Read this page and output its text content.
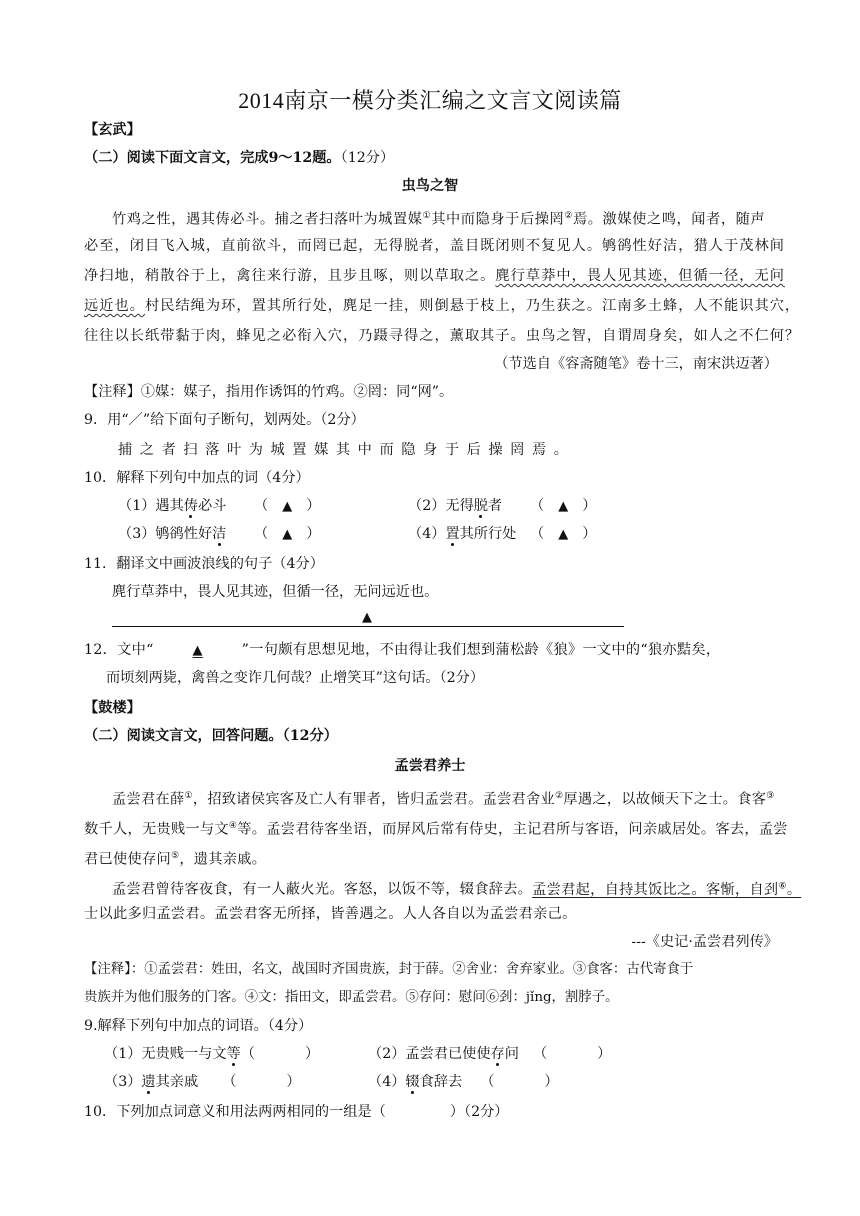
2014南京一模分类汇编之文言文阅读篇
【玄武】
（二）阅读下面文言文，完成9～12题。（12分）
虫鸟之智
竹鸡之性，遇其俦必斗。捕之者扫落叶为城置媒①其中而隐身于后操罔②焉。激媒使之鸣，闻者，随声
必至，闭目飞入城，直前欲斗，而罔已起，无得脱者，盖目既闭则不复见人。鸲鹆性好洁，猎人于茂林间
净扫地，稍散谷于上，禽往来行游，且步且啄，则以草取之。麂行草莽中，畏人见其迹，但循一径，无问
远近也。村民结绳为环，置其所行处，麂足一挂，则倒悬于枝上，乃生获之。江南多土蜂，人不能识其穴，
往往以长纸带黏于肉，蜂见之必衔入穴，乃蹑寻得之，薰取其子。虫鸟之智，自谓周身矣，如人之不仁何？
（节选自《容斋随笔》卷十三，南宋洪迈著）
【注释】①媒：媒子，指用作诱饵的竹鸡。②罔：同“网”。
9．用“／”给下面句子断句，划两处。（2分）
捕之者扫落叶为城置媒其中而隐身于后操罔焉。
10．解释下列句中加点的词（4分）
（1）遇其俦必斗 （ ▲ ）	（2）无得脱者 （ ▲ ）
（3）鸲鹆性好洁 （ ▲ ）	（4）置其所行处 （ ▲ ）
11．翻译文中画波浪线的句子（4分）
麂行草莽中，畏人见其迹，但循一径，无问远近也。
▲
12．文中“	▲	”一句颇有思想见地，不由得让我们想到蒲松龄《狼》一文中的“狼亦黠矣，
而顷刻两毙，禽兽之变诈几何哉？止增笑耳”这句话。（2分）
【鼓楼】
（二）阅读文言文，回答问题。（12分）
孟尝君养士
孟尝君在薛①，招致诸侯宾客及亡人有罪者，皆归孟尝君。孟尝君舍业②厚遇之，以故倾天下之士。食客③
数千人，无贵贱一与文④等。孟尝君待客坐语，而屏风后常有侍史，主记君所与客语，问亲戚居处。客去，孟尝
君已使使存问⑤，遗其亲戚。
孟尝君曾待客夜食，有一人蔽火光。客怒，以饭不等，辍食辞去。孟尝君起，自持其饭比之。客惭，自刭⑥。
士以此多归孟尝君。孟尝君客无所择，皆善遇之。人人各自以为孟尝君亲己。
---《史记·孟尝君列传》
【注释】：①孟尝君：姓田，名文，战国时齐国贵族，封于薛。②舍业：舍弃家业。③食客：古代寄食于
贵族并为他们服务的门客。④文：指田文，即孟尝君。⑤存问：慰问⑥刭：jǐng，割脖子。
9.解释下列句中加点的词语。（4分）
（1）无贵贱一与文等（	）	（2）孟尝君已使使存问 （	）
（3）遗其亲戚 （	）	（4）辍食辞去 （	）
10．下列加点词意义和用法两两相同的一组是（	）（2分）
